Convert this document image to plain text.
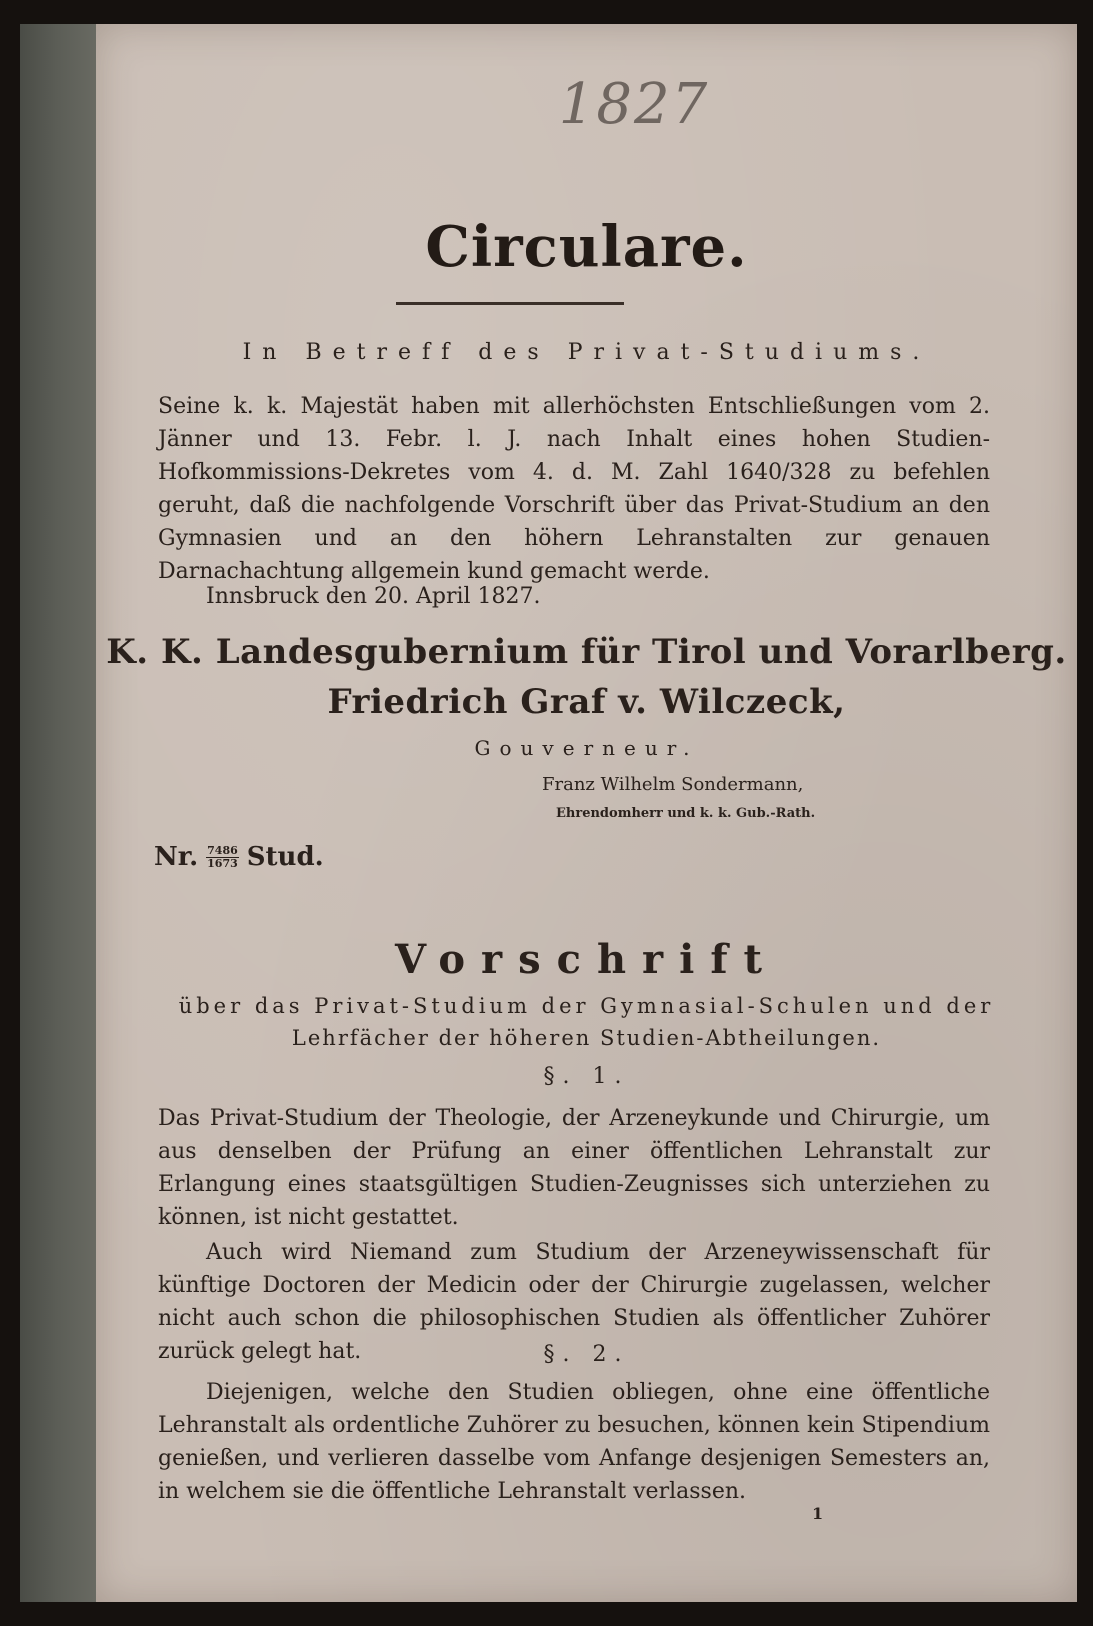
1827
Circulare.
In Betreff des Privat-Studiums.
Seine k. k. Majestät haben mit allerhöchsten Entschließungen vom 2. Jänner und 13. Febr. l. J. nach Inhalt eines hohen Studien-Hofkommissions-Dekretes vom 4. d. M. Zahl 1640/328 zu befehlen geruht, daß die nachfolgende Vorschrift über das Privat-Studium an den Gymnasien und an den höhern Lehranstalten zur genauen Darnachachtung allgemein kund gemacht werde.
Innsbruck den 20. April 1827.
K. K. Landesgubernium für Tirol und Vorarlberg.
Friedrich Graf v. Wilczeck,
Gouverneur.
Franz Wilhelm Sondermann,
Ehrendomherr und k. k. Gub.-Rath.
Nr. $\frac{7486}{1673}$ Stud.
Vorschrift
über das Privat-Studium der Gymnasial-Schulen und der
Lehrfächer der höheren Studien-Abtheilungen.
§. 1.
Das Privat-Studium der Theologie, der Arzeneykunde und Chirurgie, um aus denselben der Prüfung an einer öffentlichen Lehranstalt zur Erlangung eines staatsgültigen Studien-Zeugnisses sich unterziehen zu können, ist nicht gestattet.
Auch wird Niemand zum Studium der Arzeneywissenschaft für künftige Doctoren der Medicin oder der Chirurgie zugelassen, welcher nicht auch schon die philosophischen Studien als öffentlicher Zuhörer zurück gelegt hat.	§. 2.
Diejenigen, welche den Studien obliegen, ohne eine öffentliche Lehranstalt als ordentliche Zuhörer zu besuchen, können kein Stipendium genießen, und verlieren dasselbe vom Anfange desjenigen Semesters an, in welchem sie die öffentliche Lehranstalt verlassen.
1
